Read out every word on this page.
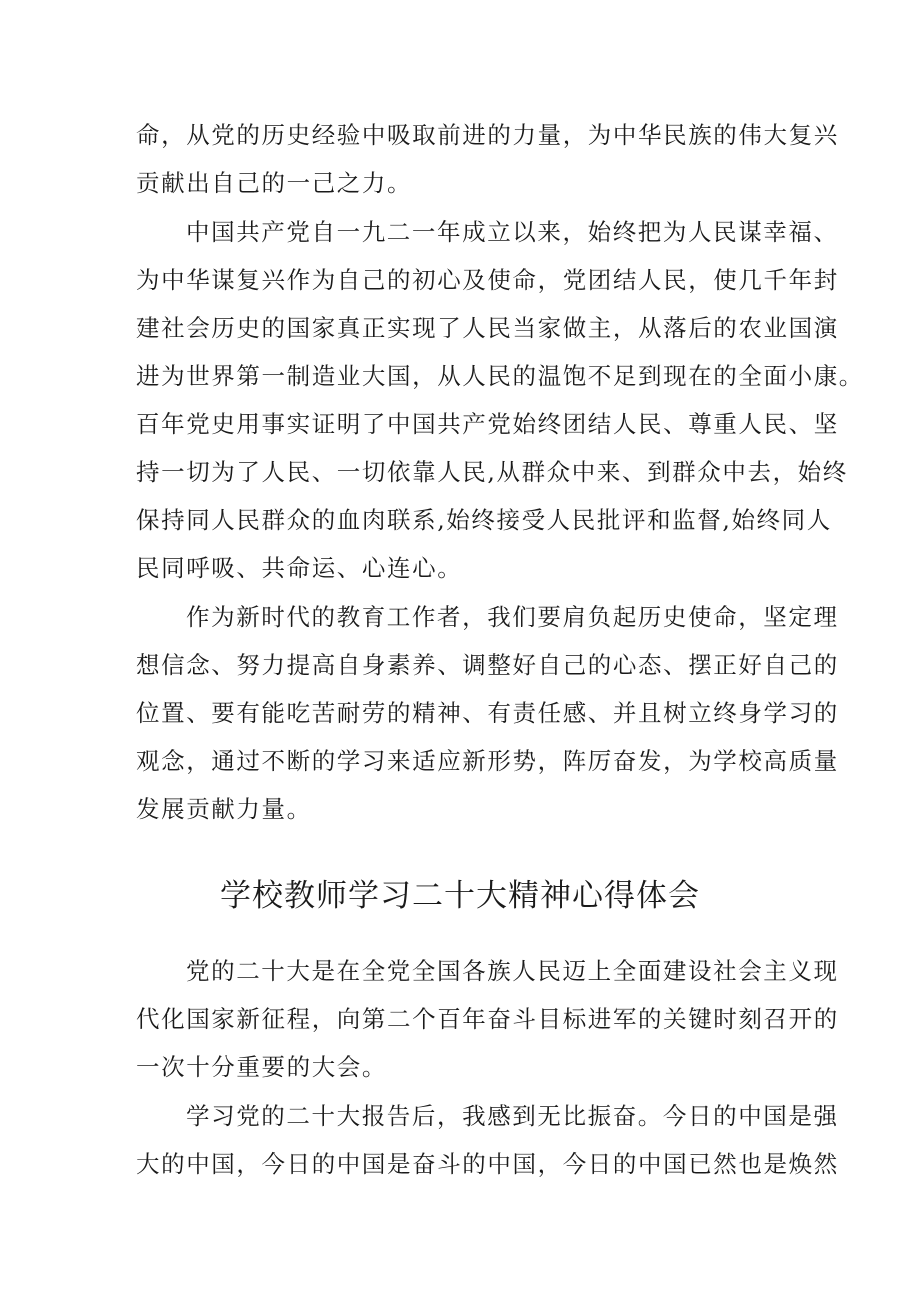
命，从党的历史经验中吸取前进的力量，为中华民族的伟大复兴
贡献出自己的一己之力。
中国共产党自一九二一年成立以来，始终把为人民谋幸福、
为中华谋复兴作为自己的初心及使命，党团结人民，使几千年封
建社会历史的国家真正实现了人民当家做主，从落后的农业国演
进为世界第一制造业大国，从人民的温饱不足到现在的全面小康。
百年党史用事实证明了中国共产党始终团结人民、尊重人民、坚
持一切为了人民、一切依靠人民,从群众中来、到群众中去，始终
保持同人民群众的血肉联系,始终接受人民批评和监督,始终同人
民同呼吸、共命运、心连心。
作为新时代的教育工作者，我们要肩负起历史使命，坚定理
想信念、努力提高自身素养、调整好自己的心态、摆正好自己的
位置、要有能吃苦耐劳的精神、有责任感、并且树立终身学习的
观念，通过不断的学习来适应新形势，阵厉奋发，为学校高质量
发展贡献力量。
学校教师学习二十大精神心得体会
党的二十大是在全党全国各族人民迈上全面建设社会主义现
代化国家新征程，向第二个百年奋斗目标进军的关键时刻召开的
一次十分重要的大会。
学习党的二十大报告后，我感到无比振奋。今日的中国是强
大的中国，今日的中国是奋斗的中国，今日的中国已然也是焕然
